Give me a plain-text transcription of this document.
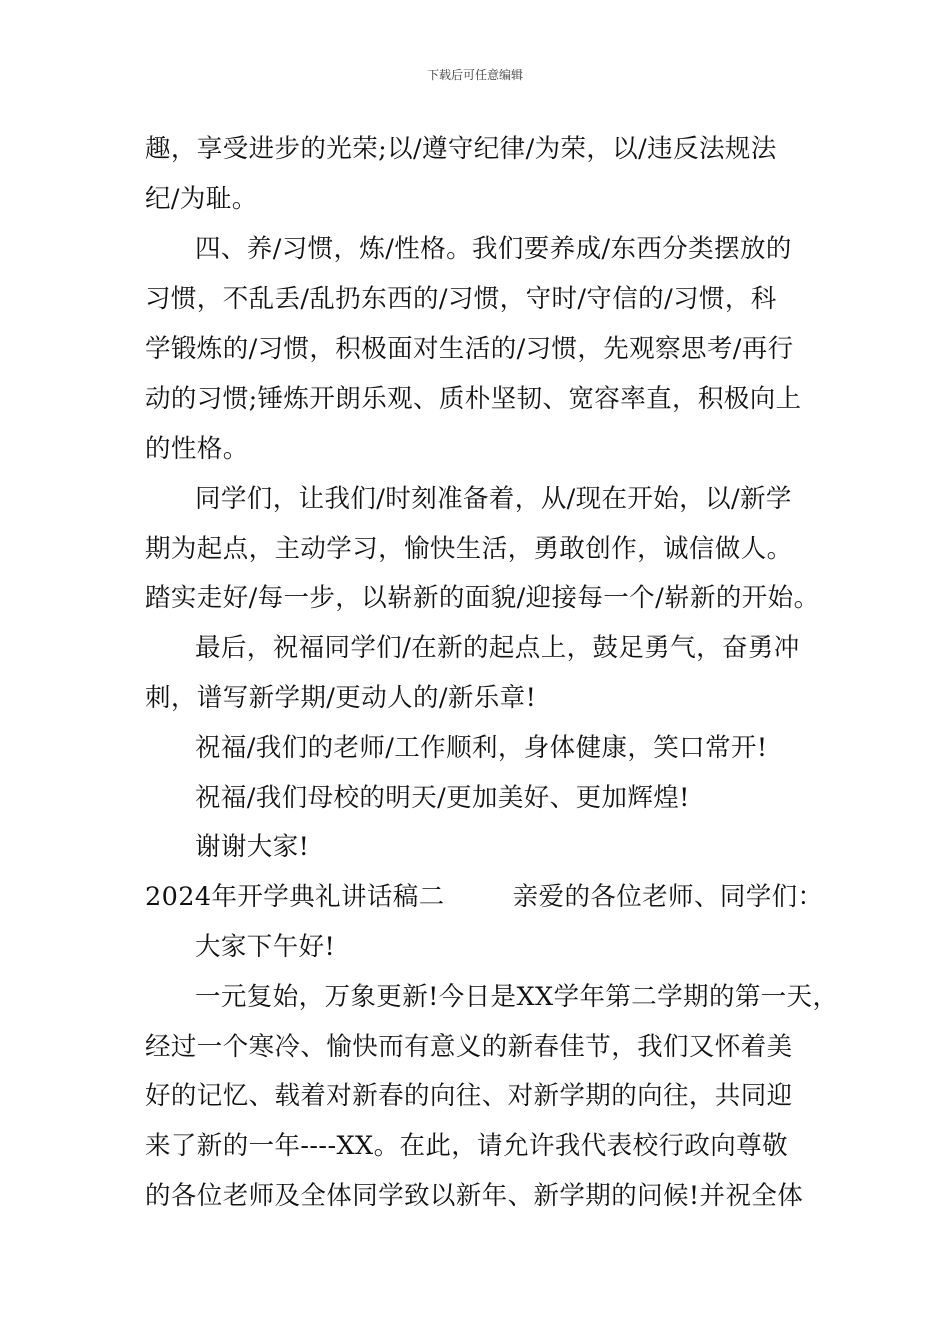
下载后可任意编辑
趣，享受进步的光荣;以/遵守纪律/为荣，以/违反法规法
纪/为耻。
四、养/习惯，炼/性格。我们要养成/东西分类摆放的
习惯，不乱丢/乱扔东西的/习惯，守时/守信的/习惯，科
学锻炼的/习惯，积极面对生活的/习惯，先观察思考/再行
动的习惯;锤炼开朗乐观、质朴坚韧、宽容率直，积极向上
的性格。
同学们，让我们/时刻准备着，从/现在开始，以/新学
期为起点，主动学习，愉快生活，勇敢创作，诚信做人。
踏实走好/每一步，以崭新的面貌/迎接每一个/崭新的开始。
最后，祝福同学们/在新的起点上，鼓足勇气，奋勇冲
刺，谱写新学期/更动人的/新乐章!
祝福/我们的老师/工作顺利，身体健康，笑口常开!
祝福/我们母校的明天/更加美好、更加辉煌!
谢谢大家!
2024年开学典礼讲话稿二        亲爱的各位老师、同学们：
大家下午好!
一元复始，万象更新!今日是XX学年第二学期的第一天，
经过一个寒冷、愉快而有意义的新春佳节，我们又怀着美
好的记忆、载着对新春的向往、对新学期的向往，共同迎
来了新的一年----XX。在此，请允许我代表校行政向尊敬
的各位老师及全体同学致以新年、新学期的问候!并祝全体
